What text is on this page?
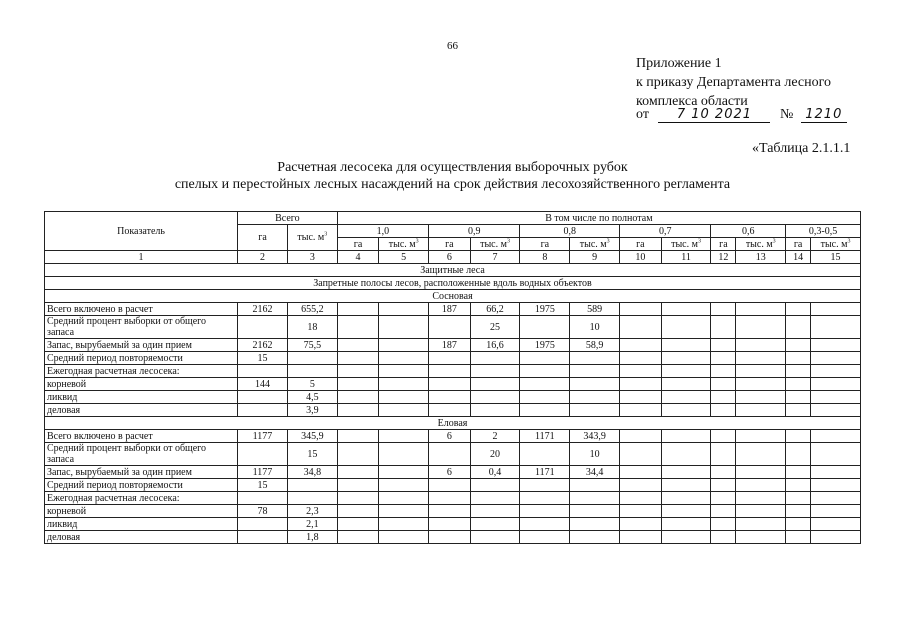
66
Приложение 1
к приказу Департамента лесного
комплекса области
от 7 10 2021 № 1210
«Таблица 2.1.1.1
Расчетная лесосека для осуществления выборочных рубок
спелых и перестойных лесных насаждений на срок действия лесохозяйственного регламента
Показатель	Всего		В том числе по полнотам											
	га	тыс. $м^3$	1,0		0,9		0,8		0,7		0,6		0,3-0,5	
			га	тыс. $м^3$	га	тыс. $м^3$	га	тыс. $м^3$	га	тыс. $м^3$	га	тыс. $м^3$	га	тыс. $м^3$
1	2	3	4	5	6	7	8	9	10	11	12	13	14	15
Защитные леса														
Запретные полосы лесов, расположенные вдоль водных объектов														
Сосновая														
Всего включено в расчет	2162	655,2			187	66,2	1975	589						
Средний процент выборки от общего запаса		18				25		10						
Запас, вырубаемый за один прием	2162	75,5			187	16,6	1975	58,9						
Средний период повторяемости	15													
Ежегодная расчетная лесосека:														
корневой	144	5												
ликвид		4,5												
деловая		3,9												
Еловая														
Всего включено в расчет	1177	345,9			6	2	1171	343,9						
Средний процент выборки от общего запаса		15				20		10						
Запас, вырубаемый за один прием	1177	34,8			6	0,4	1171	34,4						
Средний период повторяемости	15													
Ежегодная расчетная лесосека:														
корневой	78	2,3												
ликвид		2,1												
деловая		1,8												
